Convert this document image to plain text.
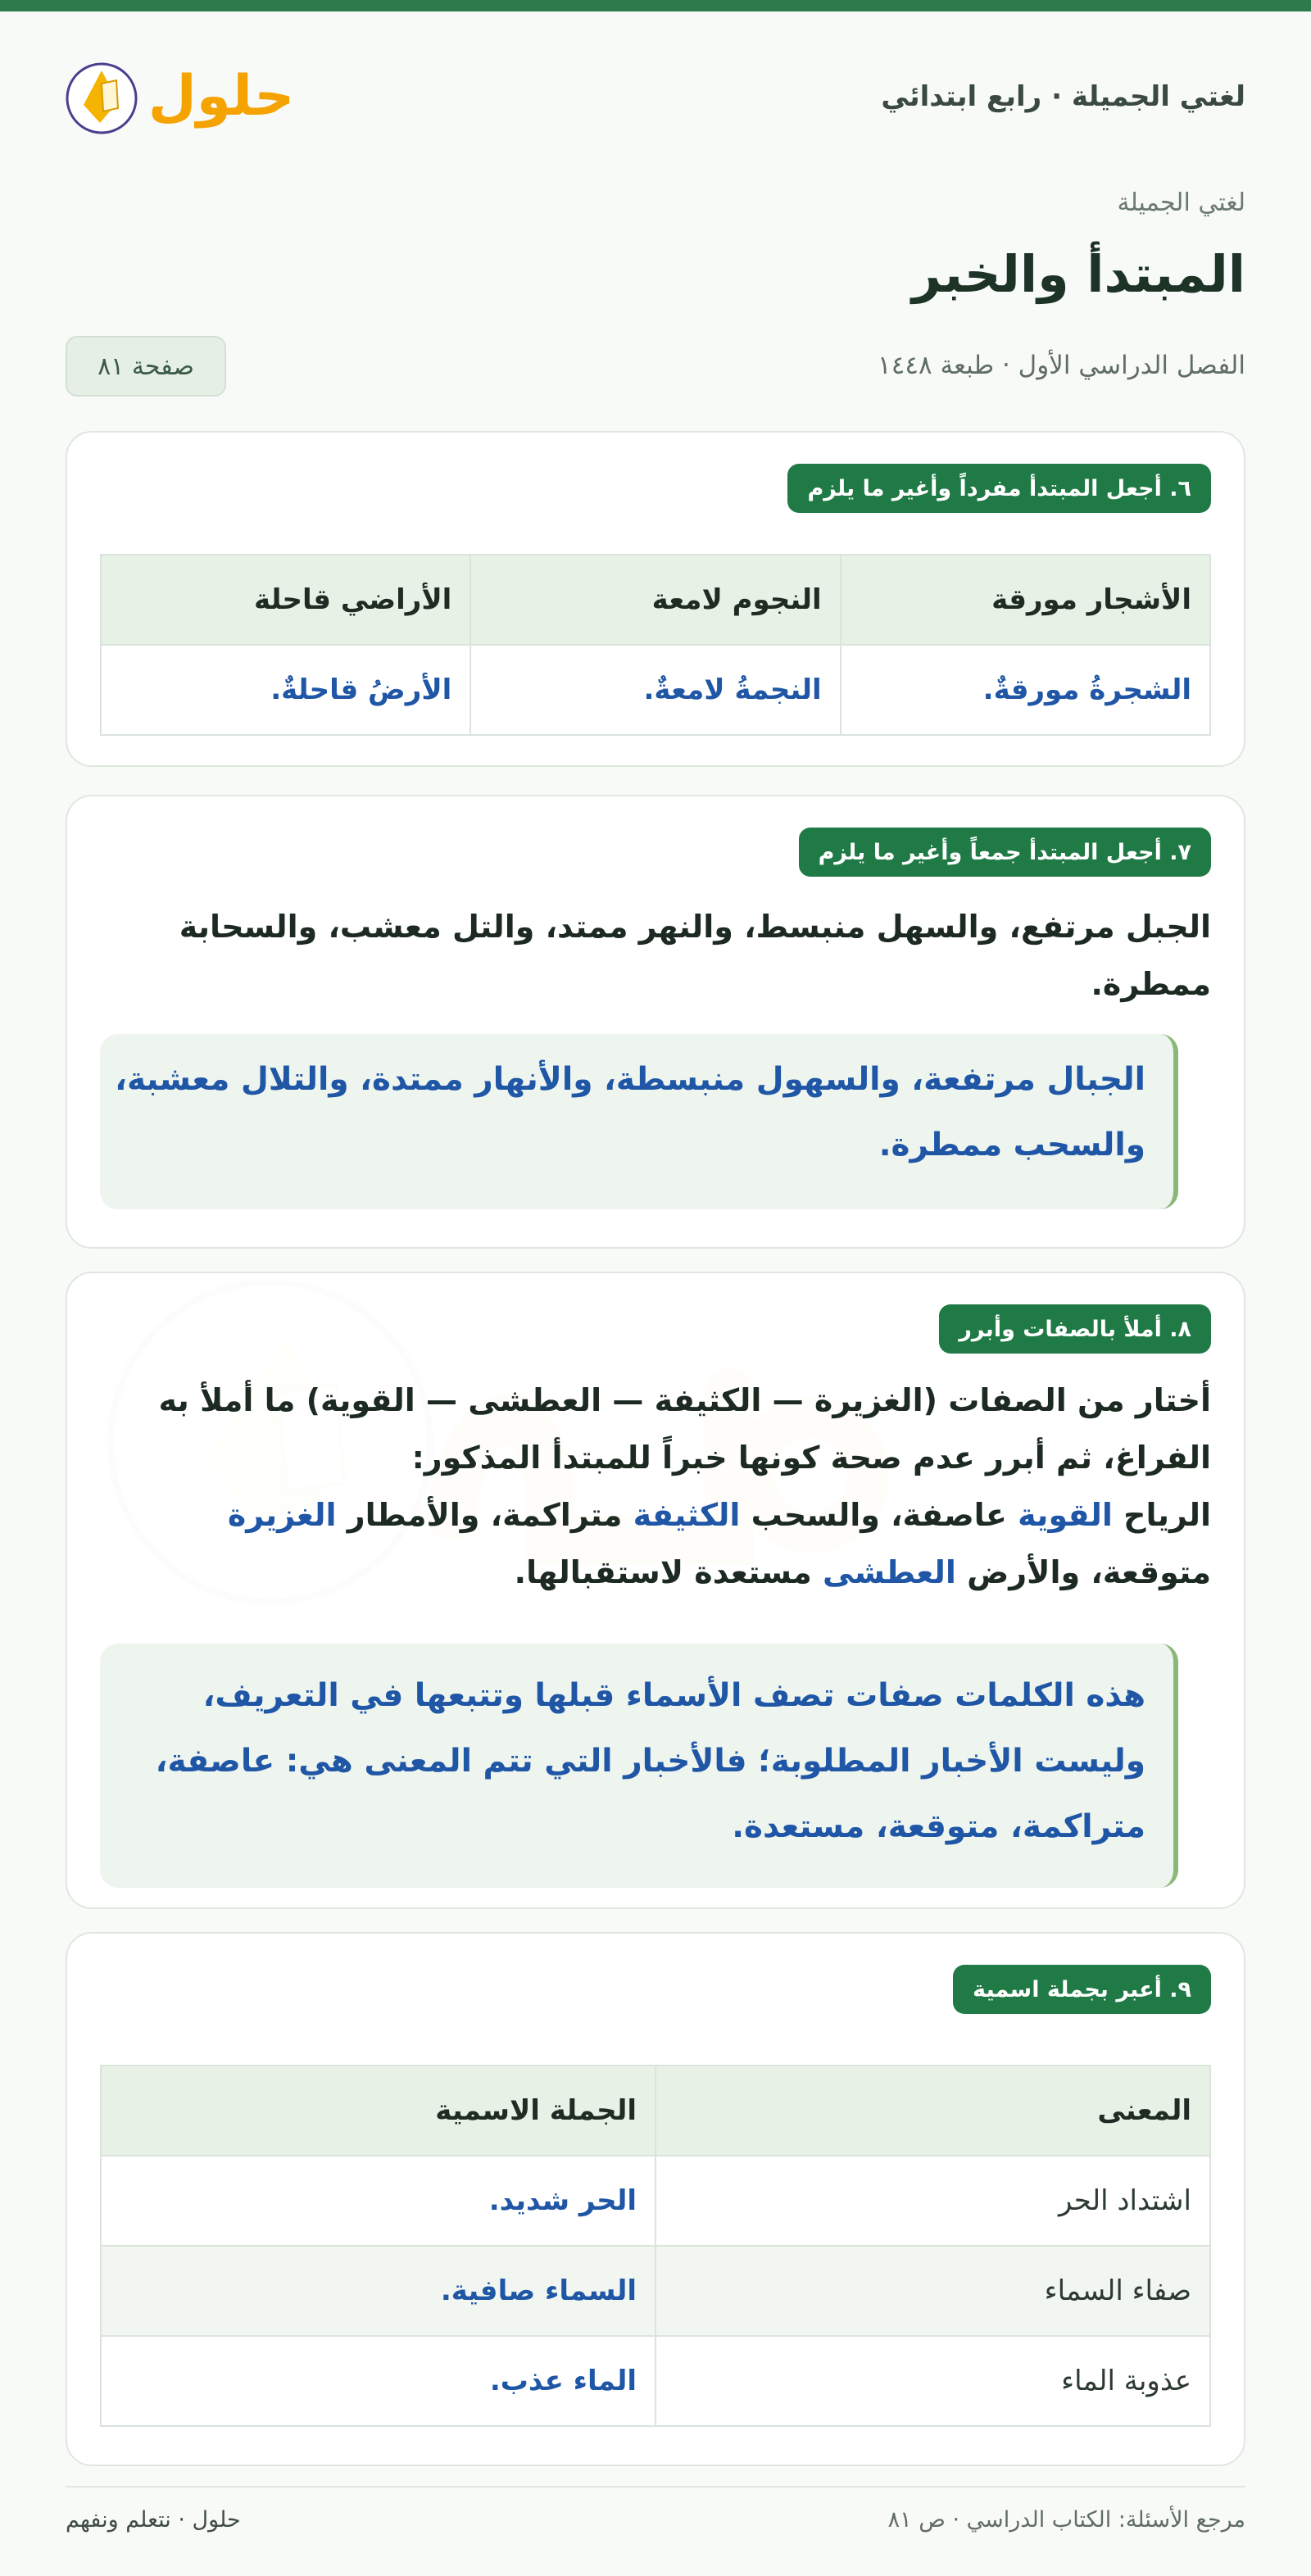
لغتي الجميلة · رابع ابتدائي
حلول
لغتي الجميلة
المبتدأ والخبر
الفصل الدراسي الأول · طبعة ١٤٤٨
صفحة ٨١
٦. أجعل المبتدأ مفرداً وأغير ما يلزم
الأشجار مورقة	النجوم لامعة	الأراضي قاحلة
الشجرةُ مورقةٌ.	النجمةُ لامعةٌ.	الأرضُ قاحلةٌ.
٧. أجعل المبتدأ جمعاً وأغير ما يلزم
الجبل مرتفع، والسهل منبسط، والنهر ممتد، والتل معشب، والسحابة ممطرة.
الجبال مرتفعة، والسهول منبسطة، والأنهار ممتدة، والتلال معشبة، والسحب ممطرة.
٨. أملأ بالصفات وأبرر
أختار من الصفات (الغزيرة — الكثيفة — العطشى — القوية) ما أملأ به الفراغ، ثم أبرر عدم صحة كونها خبراً للمبتدأ المذكور:
الرياح القوية عاصفة، والسحب الكثيفة متراكمة، والأمطار الغزيرة متوقعة، والأرض العطشى مستعدة لاستقبالها.
هذه الكلمات صفات تصف الأسماء قبلها وتتبعها في التعريف، وليست الأخبار المطلوبة؛ فالأخبار التي تتم المعنى هي: عاصفة، متراكمة، متوقعة، مستعدة.
٩. أعبر بجملة اسمية
المعنى	الجملة الاسمية
اشتداد الحر	الحر شديد.
صفاء السماء	السماء صافية.
عذوبة الماء	الماء عذب.
مرجع الأسئلة: الكتاب الدراسي · ص ٨١
حلول · نتعلم ونفهم
